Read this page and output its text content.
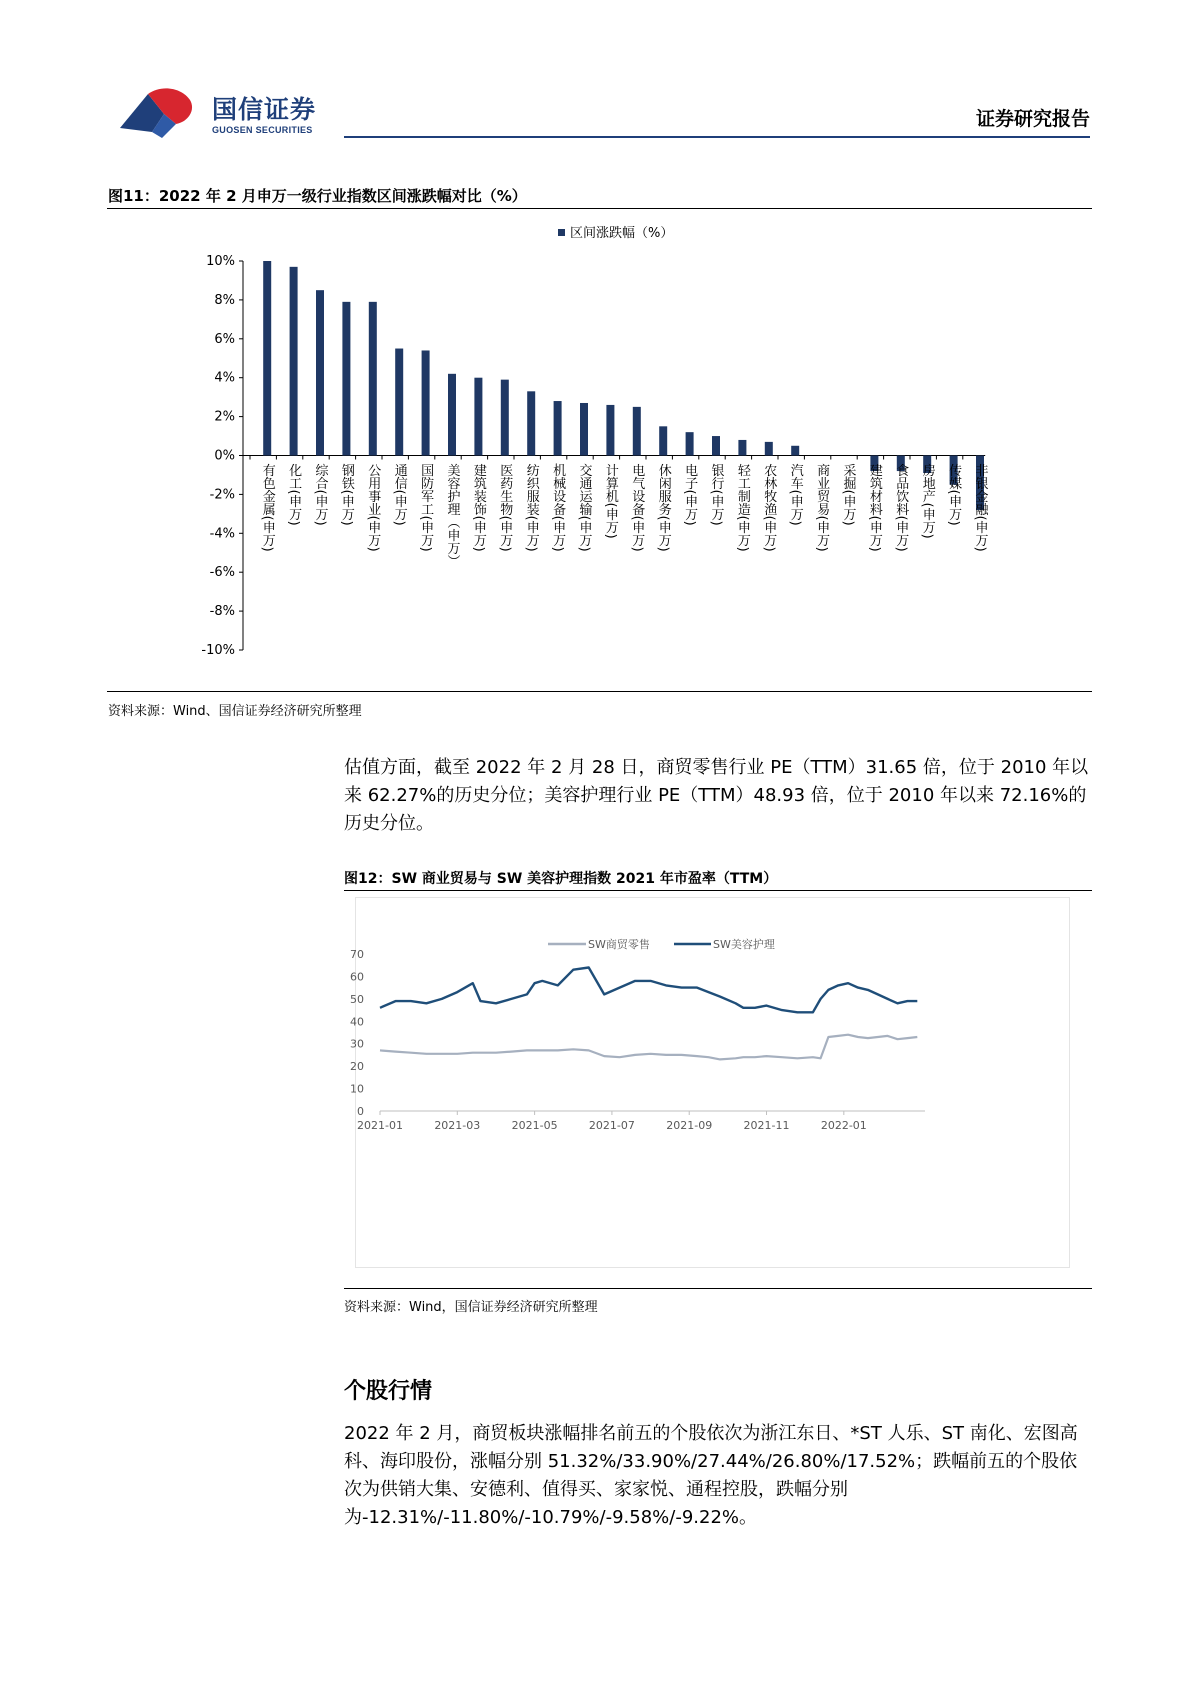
国信证券
GUOSEN SECURITIES	证券研究报告
图11：2022 年 2 月申万一级行业指数区间涨跌幅对比（%）
区间涨跌幅（%）
10%
8%
6%
4%
2%
0%
-2%
-4%
-6%
-8%
-10%
有色金属(申万) 化工(申万) 综合(申万) 钢铁(申万) 公用事业(申万) 通信(申万) 国防军工(申万) 美容护理（申万） 建筑装饰(申万) 医药生物(申万) 纺织服装(申万) 机械设备(申万) 交通运输(申万) 计算机(申万) 电气设备(申万) 休闲服务(申万) 电子(申万) 银行(申万) 轻工制造(申万) 农林牧渔(申万) 汽车(申万) 商业贸易(申万) 采掘(申万) 建筑材料(申万) 食品饮料(申万) 房地产(申万) 传媒(申万) 非银金融(申万)
资料来源：Wind、国信证券经济研究所整理
估值方面，截至 2022 年 2 月 28 日，商贸零售行业 PE（TTM）31.65 倍，位于 2010 年以来 62.27%的历史分位；美容护理行业 PE（TTM）48.93 倍，位于 2010 年以来 72.16%的历史分位。
图12：SW 商业贸易与 SW 美容护理指数 2021 年市盈率（TTM）
SW商贸零售	SW美容护理
0
10
20
30
40
50
60
70
2021-01	2021-03	2021-05	2021-07	2021-09	2021-11	2022-01
资料来源：Wind，国信证券经济研究所整理
个股行情
2022 年 2 月，商贸板块涨幅排名前五的个股依次为浙江东日、*ST 人乐、ST 南化、宏图高科、海印股份，涨幅分别 51.32%/33.90%/27.44%/26.80%/17.52%；跌幅前五的个股依次为供销大集、安德利、值得买、家家悦、通程控股，跌幅分别为-12.31%/-11.80%/-10.79%/-9.58%/-9.22%。
